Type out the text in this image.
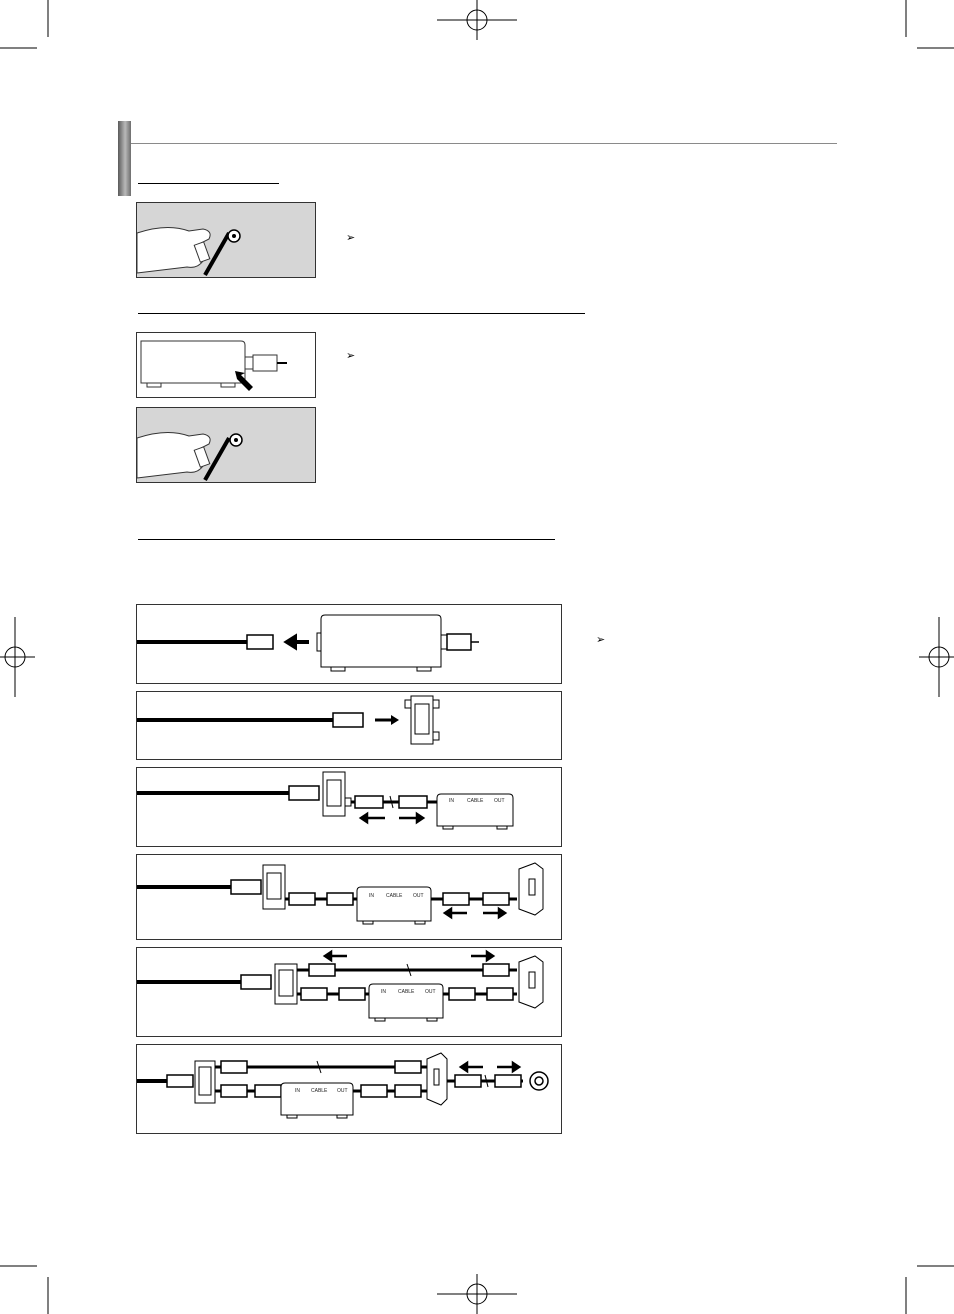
➢
➢
➢
IN	CABLE OUT
IN CABLE OUT
IN CABLE OUT
IN CABLE OUT
